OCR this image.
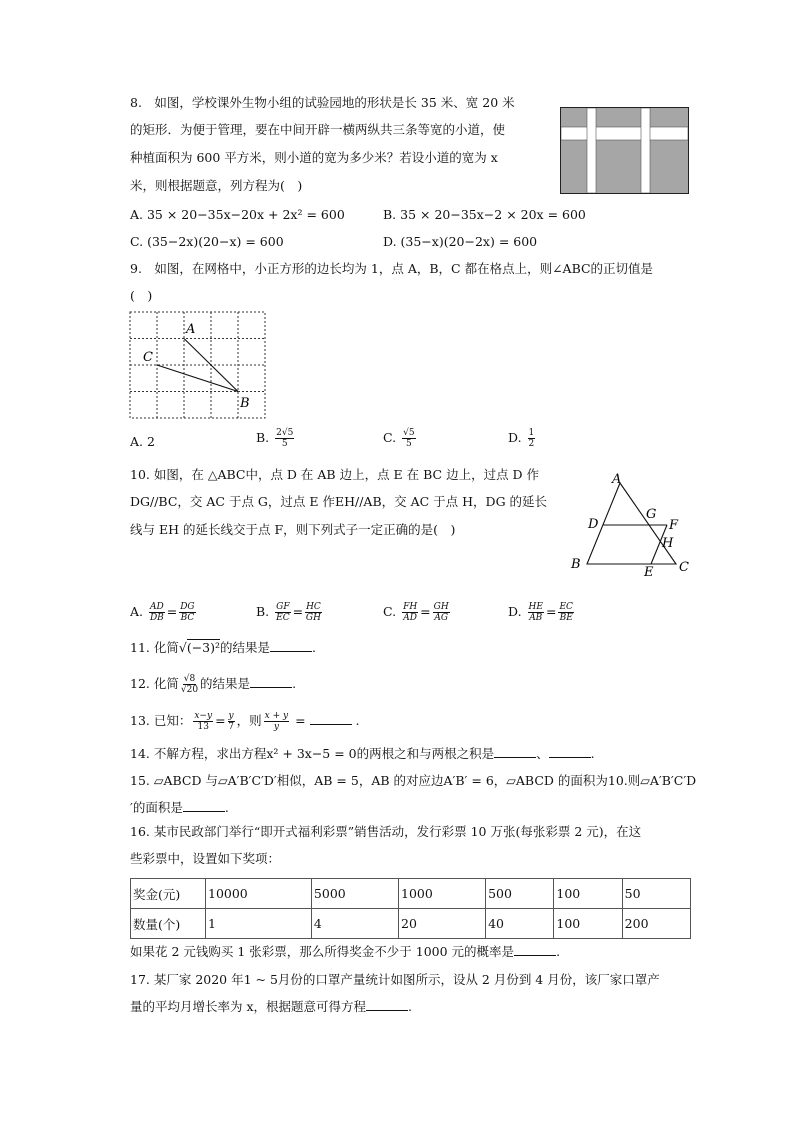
8.　如图，学校课外生物小组的试验园地的形状是长 35 米、宽 20 米
的矩形．为便于管理，要在中间开辟一横两纵共三条等宽的小道，使
种植面积为 600 平方米，则小道的宽为多少米？若设小道的宽为 x
米，则根据题意，列方程为(　)
A. 35 × 20−35x−20x + 2x² = 600	B. 35 × 20−35x−2 × 20x = 600
C. (35−2x)(20−x) = 600	D. (35−x)(20−2x) = 600
9.　如图，在网格中，小正方形的边长均为 1，点 A，B，C 都在格点上，则∠ABC的正切值是
(　)
A
B
C
A. 2	B. $\frac{2√5}{5}$	C. $\frac{√5}{5}$	D. $\frac{1}{2}$
10. 如图，在 △ABC中，点 D 在 AB 边上，点 E 在 BC 边上，过点 D 作
DG//BC，交 AC 于点 G，过点 E 作EH//AB，交 AC 于点 H，DG 的延长
线与 EH 的延长线交于点 F，则下列式子一定正确的是(　)
A
B	C
D
E
F
G
H
A. $\frac{AD}{DB} = \frac{DG}{BC}$	B. $\frac{GF}{EC} = \frac{HC}{GH}$	C. $\frac{FH}{AD} = \frac{GH}{AG}$	D. $\frac{HE}{AB} = \frac{EC}{BE}$
11. 化简√(−3)²的结果是	.
12. 化简 $\frac{√8}{√20}$ 的结果是	.
13. 已知： $\frac{x-y}{13} = \frac{y}{7}$ ，则 $\frac{x + y}{y}$ =	.
14. 不解方程，求出方程x² + 3x−5 = 0的两根之和与两根之积是	、	.
15. ▱ABCD 与▱A′B′C′D′相似，AB = 5，AB 的对应边A′B′ = 6，▱ABCD 的面积为10.则▱A′B′C′D
′的面积是	.
16. 某市民政部门举行“即开式福利彩票”销售活动，发行彩票 10 万张(每张彩票 2 元)，在这
些彩票中，设置如下奖项：
奖金(元)	10000	5000	1000	500	100	50
数量(个)	1	4	20	40	100	200
如果花 2 元钱购买 1 张彩票，那么所得奖金不少于 1000 元的概率是	.
17. 某厂家 2020 年1 ~ 5月份的口罩产量统计如图所示，设从 2 月份到 4 月份，该厂家口罩产
量的平均月增长率为 x，根据题意可得方程	.
